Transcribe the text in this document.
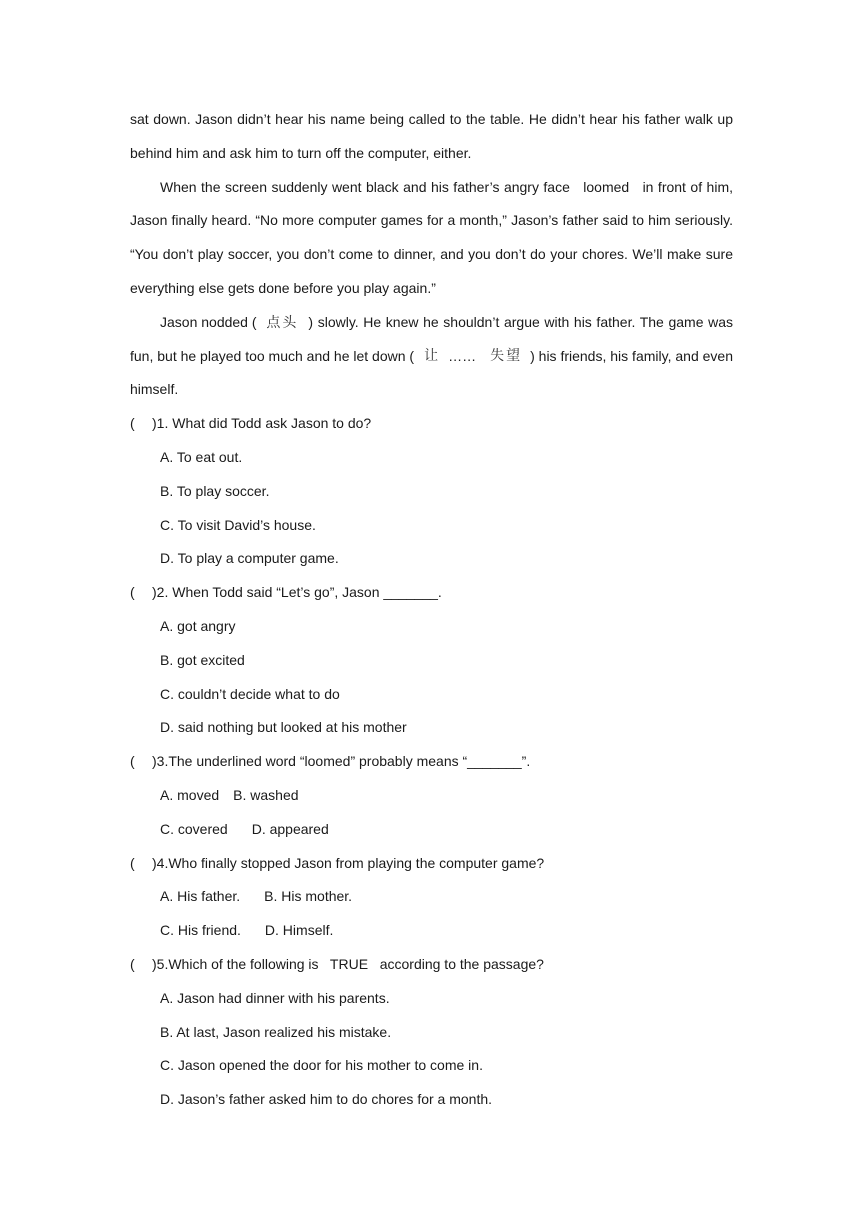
sat down. Jason didn’t hear his name being called to the table. He didn’t hear his father walk up
behind him and ask him to turn off the computer, either.
When the screen suddenly went black and his father’s angry face   loomed   in front of him,
Jason finally heard. “No more computer games for a month,” Jason’s father said to him seriously.
“You don’t play soccer, you don’t come to dinner, and you don’t do your chores. We’ll make sure
everything else gets done before you play again.”
Jason nodded ( 点头 ) slowly. He knew he shouldn’t argue with his father. The game was
fun, but he played too much and he let down ( 让 …… 失望 ) his friends, his family, and even
himself.
( )1. What did Todd ask Jason to do?
A. To eat out.
B. To play soccer.
C. To visit David’s house.
D. To play a computer game.
( )2. When Todd said “Let’s go”, Jason _______.
A. got angry
B. got excited
C. couldn’t decide what to do
D. said nothing but looked at his mother
( )3.The underlined word “loomed” probably means “_______”.
A. moved B. washed
C. covered D. appeared
( )4.Who finally stopped Jason from playing the computer game?
A. His father. B. His mother.
C. His friend. D. Himself.
( )5.Which of the following is   TRUE   according to the passage?
A. Jason had dinner with his parents.
B. At last, Jason realized his mistake.
C. Jason opened the door for his mother to come in.
D. Jason’s father asked him to do chores for a month.
